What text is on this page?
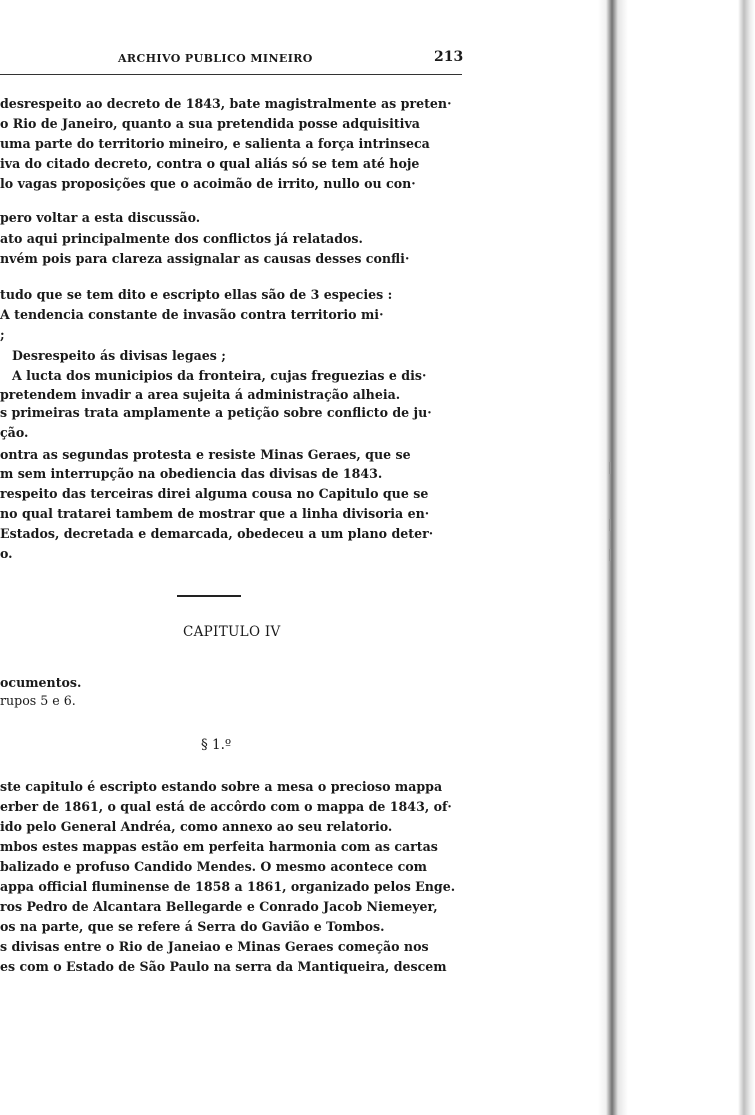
ARCHIVO PUBLICO MINEIRO	213
desrespeito ao decreto de 1843, bate magistralmente as preten·
o Rio de Janeiro, quanto a sua pretendida posse adquisitiva
uma parte do territorio mineiro, e salienta a força intrinseca
iva do citado decreto, contra o qual aliás só se tem até hoje
lo vagas proposições que o acoimão de irrito, nullo ou con·
pero voltar a esta discussão.
ato aqui principalmente dos conflictos já relatados.
nvém pois para clareza assignalar as causas desses confli·
tudo que se tem dito e escripto ellas são de 3 especies :
A tendencia constante de invasão contra territorio mi·
;
Desrespeito ás divisas legaes ;
A lucta dos municipios da fronteira, cujas freguezias e dis·
pretendem invadir a area sujeita á administração alheia.
s primeiras trata amplamente a petição sobre conflicto de ju·
ção.
ontra as segundas protesta e resiste Minas Geraes, que se
m sem interrupção na obediencia das divisas de 1843.
respeito das terceiras direi alguma cousa no Capitulo que se
no qual tratarei tambem de mostrar que a linha divisoria en·
Estados, decretada e demarcada, obedeceu a um plano deter·
o.
CAPITULO IV
ocumentos.
rupos 5 e 6.
§ 1.º
ste capitulo é escripto estando sobre a mesa o precioso mappa
erber de 1861, o qual está de accôrdo com o mappa de 1843, of·
ido pelo General Andréa, como annexo ao seu relatorio.
mbos estes mappas estão em perfeita harmonia com as cartas
balizado e profuso Candido Mendes. O mesmo acontece com
appa official fluminense de 1858 a 1861, organizado pelos Enge.
ros Pedro de Alcantara Bellegarde e Conrado Jacob Niemeyer,
os na parte, que se refere á Serra do Gavião e Tombos.
s divisas entre o Rio de Janeiao e Minas Geraes começão nos
es com o Estado de São Paulo na serra da Mantiqueira, descem
